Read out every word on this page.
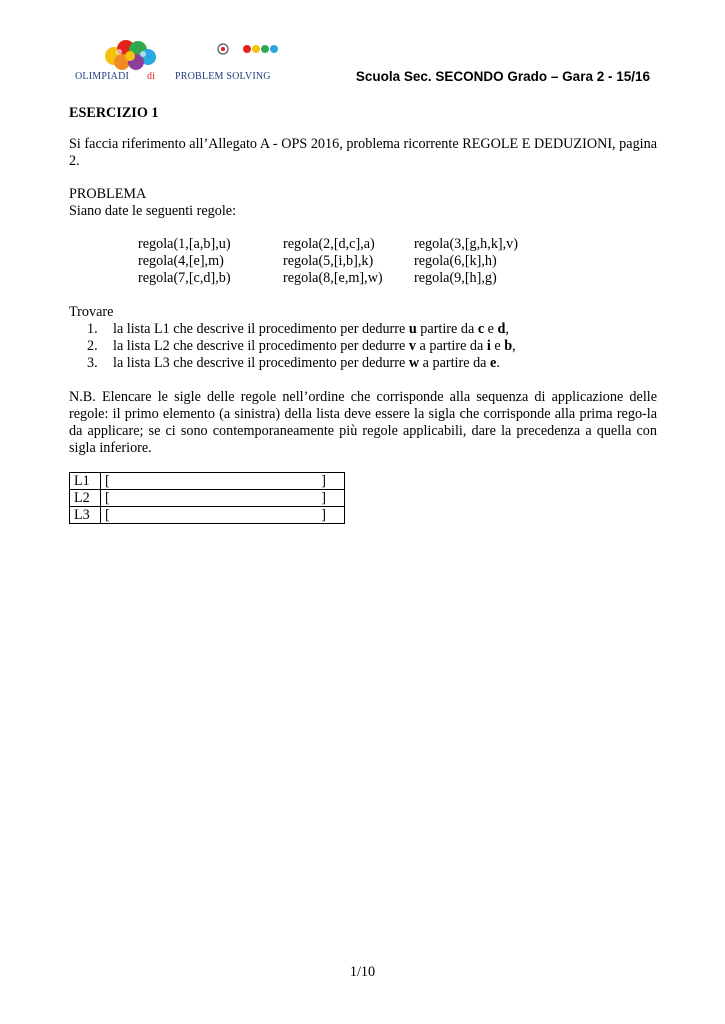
OLIMPIADI di PROBLEM SOLVING	Scuola Sec. SECONDO Grado – Gara 2 - 15/16
ESERCIZIO 1
Si faccia riferimento all’Allegato A - OPS 2016, problema ricorrente REGOLE E DEDUZIONI, pagina 2.
PROBLEMA
Siano date le seguenti regole:
regola(1,[a,b],u)	regola(2,[d,c],a)	regola(3,[g,h,k],v)
regola(4,[e],m)	regola(5,[i,b],k)	regola(6,[k],h)
regola(7,[c,d],b)	regola(8,[e,m],w)	regola(9,[h],g)
Trovare
1. la lista L1 che descrive il procedimento per dedurre u partire da c e d,
2. la lista L2 che descrive il procedimento per dedurre v a partire da i e b,
3. la lista L3 che descrive il procedimento per dedurre w a partire da e.
N.B. Elencare le sigle delle regole nell’ordine che corrisponde alla sequenza di applicazione delle regole: il primo elemento (a sinistra) della lista deve essere la sigla che corrisponde alla prima rego-la da applicare; se ci sono contemporaneamente più regole applicabili, dare la precedenza a quella con sigla inferiore.
L1	[ ]

L2	[ ]

L3	[ ]
1/10
